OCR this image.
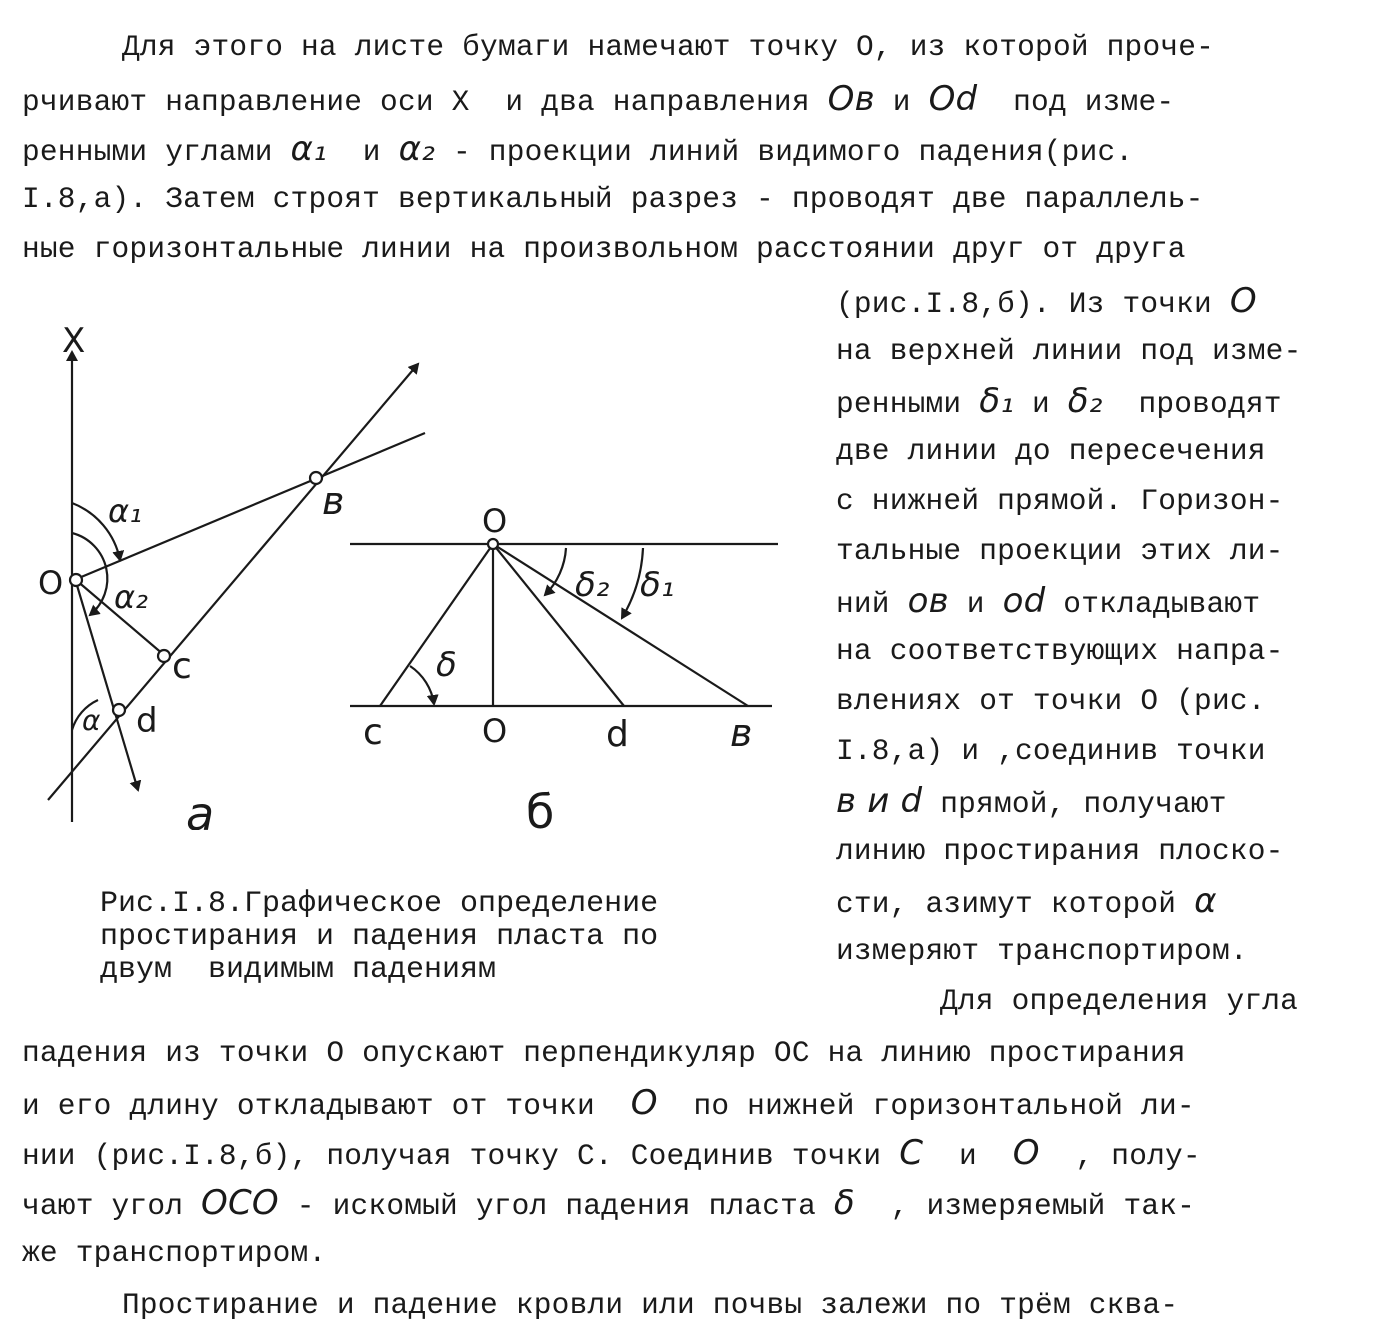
Для этого на листе бумаги намечают точку O, из которой проче-
рчивают направление оси X  и два направления Oв и Od  под изме-
ренными углами α₁  и α₂ - проекции линий видимого падения(рис.
I.8,а). Затем строят вертикальный разрез - проводят две параллель-
ные горизонтальные линии на произвольном расстоянии друг от друга
(рис.I.8,б). Из точки O
на верхней линии под изме-
ренными δ₁ и δ₂  проводят
две линии до пересечения
с нижней прямой. Горизон-
тальные проекции этих ли-
ний oв и od откладывают
на соответствующих напра-
влениях от точки O (рис.
I.8,а) и ,соединив точки
в и d прямой, получают
линию простирания плоско-
сти, азимут которой α
измеряют транспортиром.
Для определения угла
X
O
в
c
d
α₁
α₂
α
а
O
δ₂ δ₁
δ
c	O	d	в
б
Рис.I.8.Графическое определение
простирания и падения пласта по
двум  видимым падениям
падения из точки O опускают перпендикуляр OC на линию простирания
и его длину откладывают от точки  O  по нижней горизонтальной ли-
нии (рис.I.8,б), получая точку С. Соединив точки C  и  O  , полу-
чают угол OCO - искомый угол падения пласта δ  , измеряемый так-
же транспортиром.
Простирание и падение кровли или почвы залежи по трём сква-
